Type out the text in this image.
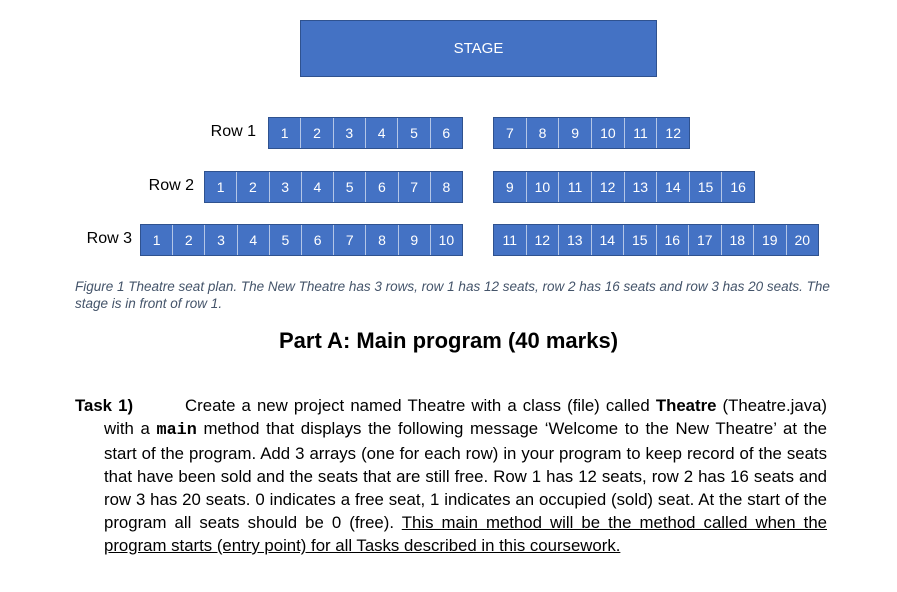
STAGE
Row 1	1	2	3	4	5	6	7	8	9	10	11	12
Row 2	1	2	3	4	5	6	7	8	9	10	11	12	13	14	15	16
Row 3	1	2	3	4	5	6	7	8	9	10	11	12	13	14	15	16	17	18	19	20
Figure 1 Theatre seat plan. The New Theatre has 3 rows, row 1 has 12 seats, row 2 has 16 seats and row 3 has 20 seats. The stage is in front of row 1.
Part A: Main program (40 marks)
Task 1)	Create a new project named Theatre with a class (file) called Theatre (Theatre.java) with a main method that displays the following message ‘Welcome to the New Theatre’ at the start of the program. Add 3 arrays (one for each row) in your program to keep record of the seats that have been sold and the seats that are still free. Row 1 has 12 seats, row 2 has 16 seats and row 3 has 20 seats. 0 indicates a free seat, 1 indicates an occupied (sold) seat. At the start of the program all seats should be 0 (free). This main method will be the method called when the program starts (entry point) for all Tasks described in this coursework.
